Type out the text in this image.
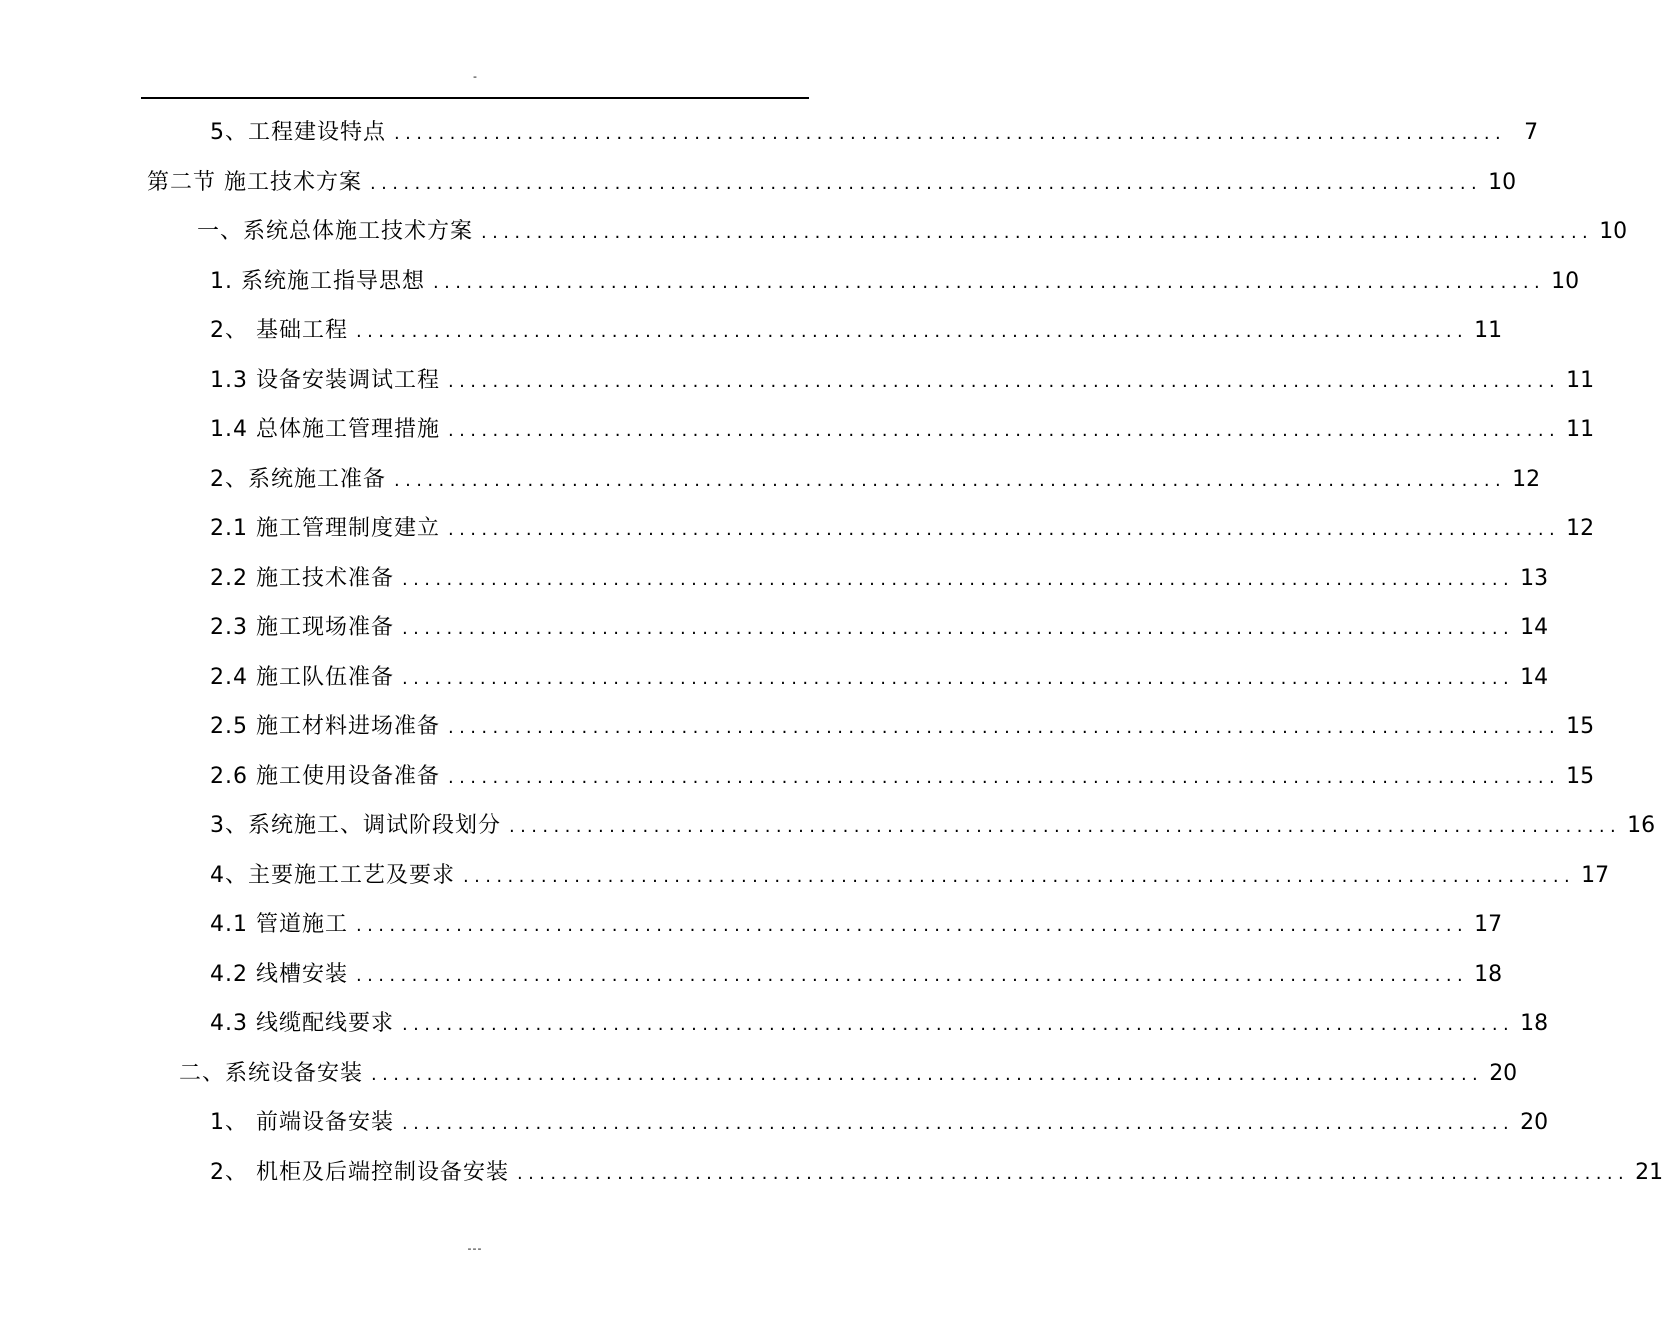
-
5、工程建设特点 .................................................................................................... 7
第二节 施工技术方案 .................................................................................................... 10
一、系统总体施工技术方案 .................................................................................................... 10
1. 系统施工指导思想 .................................................................................................... 10
2、 基础工程 .................................................................................................... 11
1.3 设备安装调试工程 .................................................................................................... 11
1.4 总体施工管理措施 .................................................................................................... 11
2、系统施工准备 .................................................................................................... 12
2.1 施工管理制度建立 .................................................................................................... 12
2.2 施工技术准备 .................................................................................................... 13
2.3 施工现场准备 .................................................................................................... 14
2.4 施工队伍准备 .................................................................................................... 14
2.5 施工材料进场准备 .................................................................................................... 15
2.6 施工使用设备准备 .................................................................................................... 15
3、系统施工、调试阶段划分 .................................................................................................... 16
4、主要施工工艺及要求 .................................................................................................... 17
4.1 管道施工 .................................................................................................... 17
4.2 线槽安装 .................................................................................................... 18
4.3 线缆配线要求 .................................................................................................... 18
二、系统设备安装 .................................................................................................... 20
1、 前端设备安装 .................................................................................................... 20
2、 机柜及后端控制设备安装 .................................................................................................... 21
---
